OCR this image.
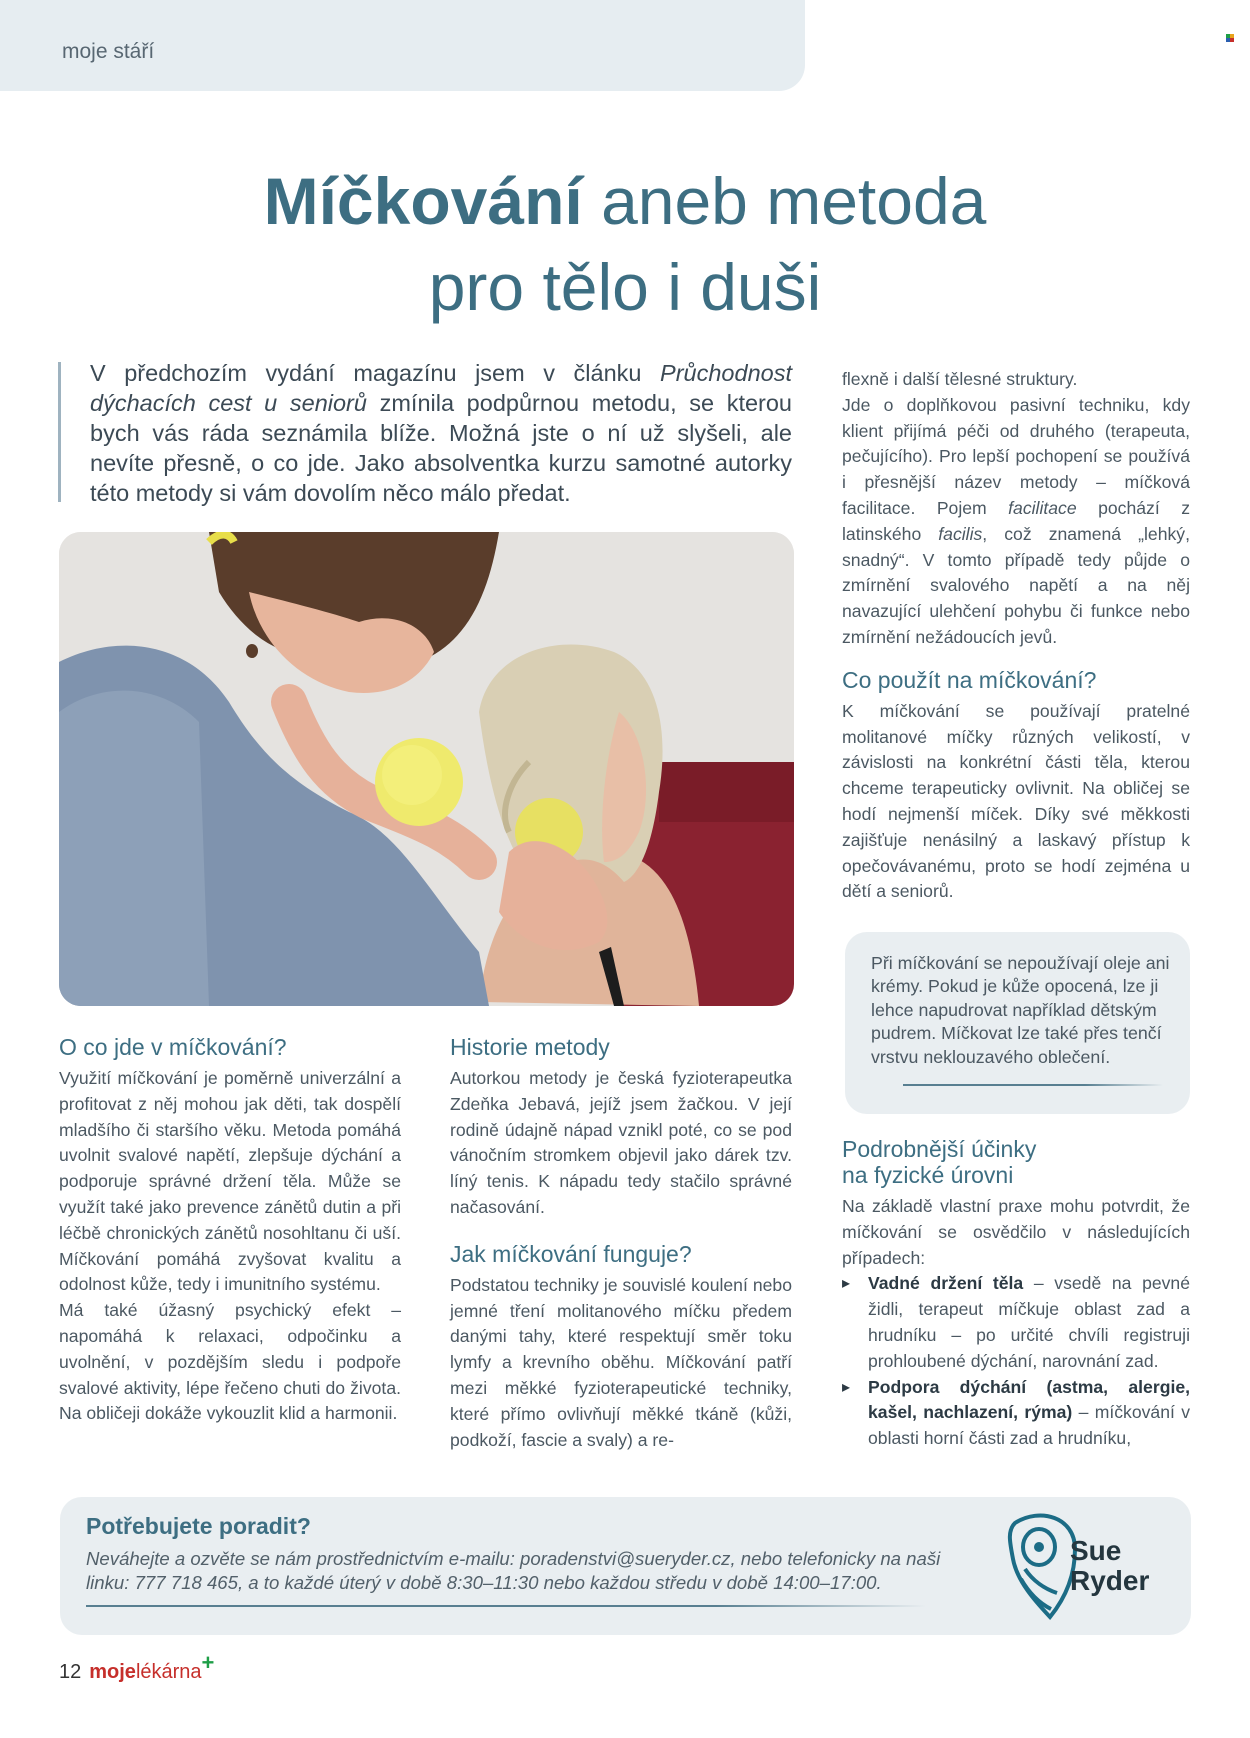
moje stáří
Míčkování aneb metoda
pro tělo i duši

V předchozím vydání magazínu jsem v článku Průchodnost dýchacích cest u seniorů zmínila podpůrnou metodu, se kterou bych vás ráda seznámila blíže. Možná jste o ní už slyšeli, ale nevíte přesně, o co jde. Jako absolventka kurzu samotné autorky této metody si vám dovolím něco málo předat.

O co jde v míčkování?

Využití míčkování je poměrně univerzální a profitovat z něj mohou jak děti, tak dospělí mladšího či staršího věku. Metoda pomáhá uvolnit svalové napětí, zlepšuje dýchání a podporuje správné držení těla. Může se využít také jako prevence zánětů dutin a při léčbě chronických zánětů nosohltanu či uší. Míčkování pomáhá zvyšovat kvalitu a odolnost kůže, tedy i imunitního systému.

Má také úžasný psychický efekt – napomáhá k relaxaci, odpočinku a uvolnění, v pozdějším sledu i podpoře svalové aktivity, lépe řečeno chuti do života. Na obličeji dokáže vykouzlit klid a harmonii.

Historie metody

Autorkou metody je česká fyzioterapeutka Zdeňka Jebavá, jejíž jsem žačkou. V její rodině údajně nápad vznikl poté, co se pod vánočním stromkem objevil jako dárek tzv. líný tenis. K nápadu tedy stačilo správné načasování.

Jak míčkování funguje?

Podstatou techniky je souvislé koulení nebo jemné tření molitanového míčku předem danými tahy, které respektují směr toku lymfy a krevního oběhu. Míčkování patří mezi měkké fyzioterapeutické techniky, které přímo ovlivňují měkké tkáně (kůži, podkoží, fascie a svaly) a re-

flexně i další tělesné struktury.

Jde o doplňkovou pasivní techniku, kdy klient přijímá péči od druhého (terapeuta, pečujícího). Pro lepší pochopení se používá i přesnější název metody – míčková facilitace. Pojem facilitace pochází z latinského facilis, což znamená „lehký, snadný“. V tomto případě tedy půjde o zmírnění svalového napětí a na něj navazující ulehčení pohybu či funkce nebo zmírnění nežádoucích jevů.

Co použít na míčkování?

K míčkování se používají pratelné molitanové míčky různých velikostí, v závislosti na konkrétní části těla, kterou chceme terapeuticky ovlivnit. Na obličej se hodí nejmenší míček. Díky své měkkosti zajišťuje nenásilný a laskavý přístup k opečovávanému, proto se hodí zejména u dětí a seniorů.

Při míčkování se nepoužívají oleje ani krémy. Pokud je kůže opocená, lze ji lehce napudrovat například dětským pudrem. Míčkovat lze také přes tenčí vrstvu neklouzavého oblečení.

Podrobnější účinky
na fyzické úrovni

Na základě vlastní praxe mohu potvrdit, že míčkování se osvědčilo v následujících případech:

▸ Vadné držení těla – vsedě na pevné židli, terapeut míčkuje oblast zad a hrudníku – po určité chvíli registruji prohloubené dýchání, narovnání zad.
▸ Podpora dýchání (astma, alergie, kašel, nachlazení, rýma) – míčkování v oblasti horní části zad a hrudníku,
Potřebujete poradit?

Neváhejte a ozvěte se nám prostřednictvím e-mailu: poradenstvi@sueryder.cz, nebo telefonicky na naši linku: 777 718 465, a to každé úterý v době 8:30–11:30 nebo každou středu v době 14:00–17:00.

Sue
Ryder
12 mojelékárna+
